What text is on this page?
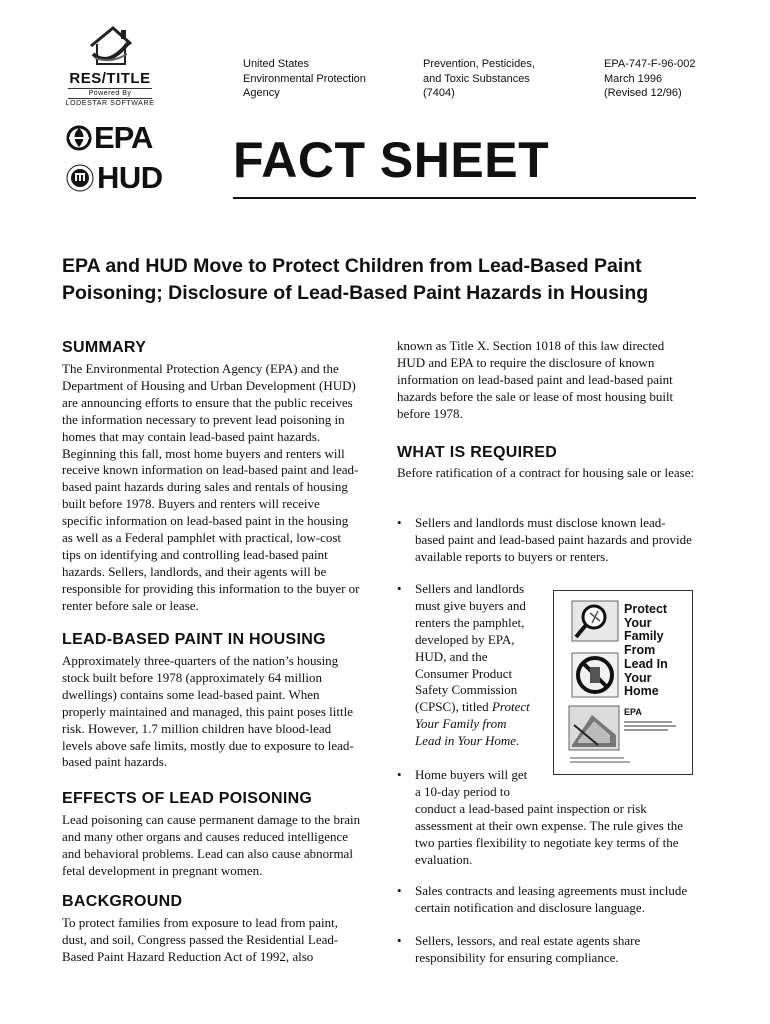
RES/TITLE
Powered By
LODESTAR SOFTWARE
EPA
HUD
United States
Environmental Protection
Agency
Prevention, Pesticides,
and Toxic Substances
(7404)
EPA-747-F-96-002
March 1996
(Revised 12/96)
FACT SHEET
EPA and HUD Move to Protect Children from Lead-Based Paint Poisoning; Disclosure of Lead-Based Paint Hazards in Housing
SUMMARY

The Environmental Protection Agency (EPA) and the Department of Housing and Urban Development (HUD) are announcing efforts to ensure that the public receives the information necessary to prevent lead poisoning in homes that may contain lead-based paint hazards. Beginning this fall, most home buyers and renters will receive known information on lead-based paint and lead-based paint hazards during sales and rentals of housing built before 1978. Buyers and renters will receive specific information on lead-based paint in the housing as well as a Federal pamphlet with practical, low-cost tips on identifying and controlling lead-based paint hazards. Sellers, landlords, and their agents will be responsible for providing this information to the buyer or renter before sale or lease.

LEAD-BASED PAINT IN HOUSING

Approximately three-quarters of the nation’s housing stock built before 1978 (approximately 64 million dwellings) contains some lead-based paint. When properly maintained and managed, this paint poses little risk. However, 1.7 million children have blood-lead levels above safe limits, mostly due to exposure to lead-based paint hazards.

EFFECTS OF LEAD POISONING

Lead poisoning can cause permanent damage to the brain and many other organs and causes reduced intelligence and behavioral problems. Lead can also cause abnormal fetal development in pregnant women.

BACKGROUND

To protect families from exposure to lead from paint, dust, and soil, Congress passed the Residential Lead-Based Paint Hazard Reduction Act of 1992, also

known as Title X. Section 1018 of this law directed HUD and EPA to require the disclosure of known information on lead-based paint and lead-based paint hazards before the sale or lease of most housing built before 1978.

WHAT IS REQUIRED

Before ratification of a contract for housing sale or lease:

• Sellers and landlords must disclose known lead-based paint and lead-based paint hazards and provide available reports to buyers or renters.
• Sellers and landlords
must give buyers and
renters the pamphlet,
developed by EPA,
HUD, and the
Consumer Product
Safety Commission
(CPSC), titled Protect
Your Family from
Lead in Your Home.
Protect
Your
Family
From
Lead In
Your
Home
EPA
• Home buyers will get
a 10-day period to
conduct a lead-based paint inspection or risk assessment at their own expense. The rule gives the two parties flexibility to negotiate key terms of the evaluation.
• Sales contracts and leasing agreements must include certain notification and disclosure language.
• Sellers, lessors, and real estate agents share responsibility for ensuring compliance.
